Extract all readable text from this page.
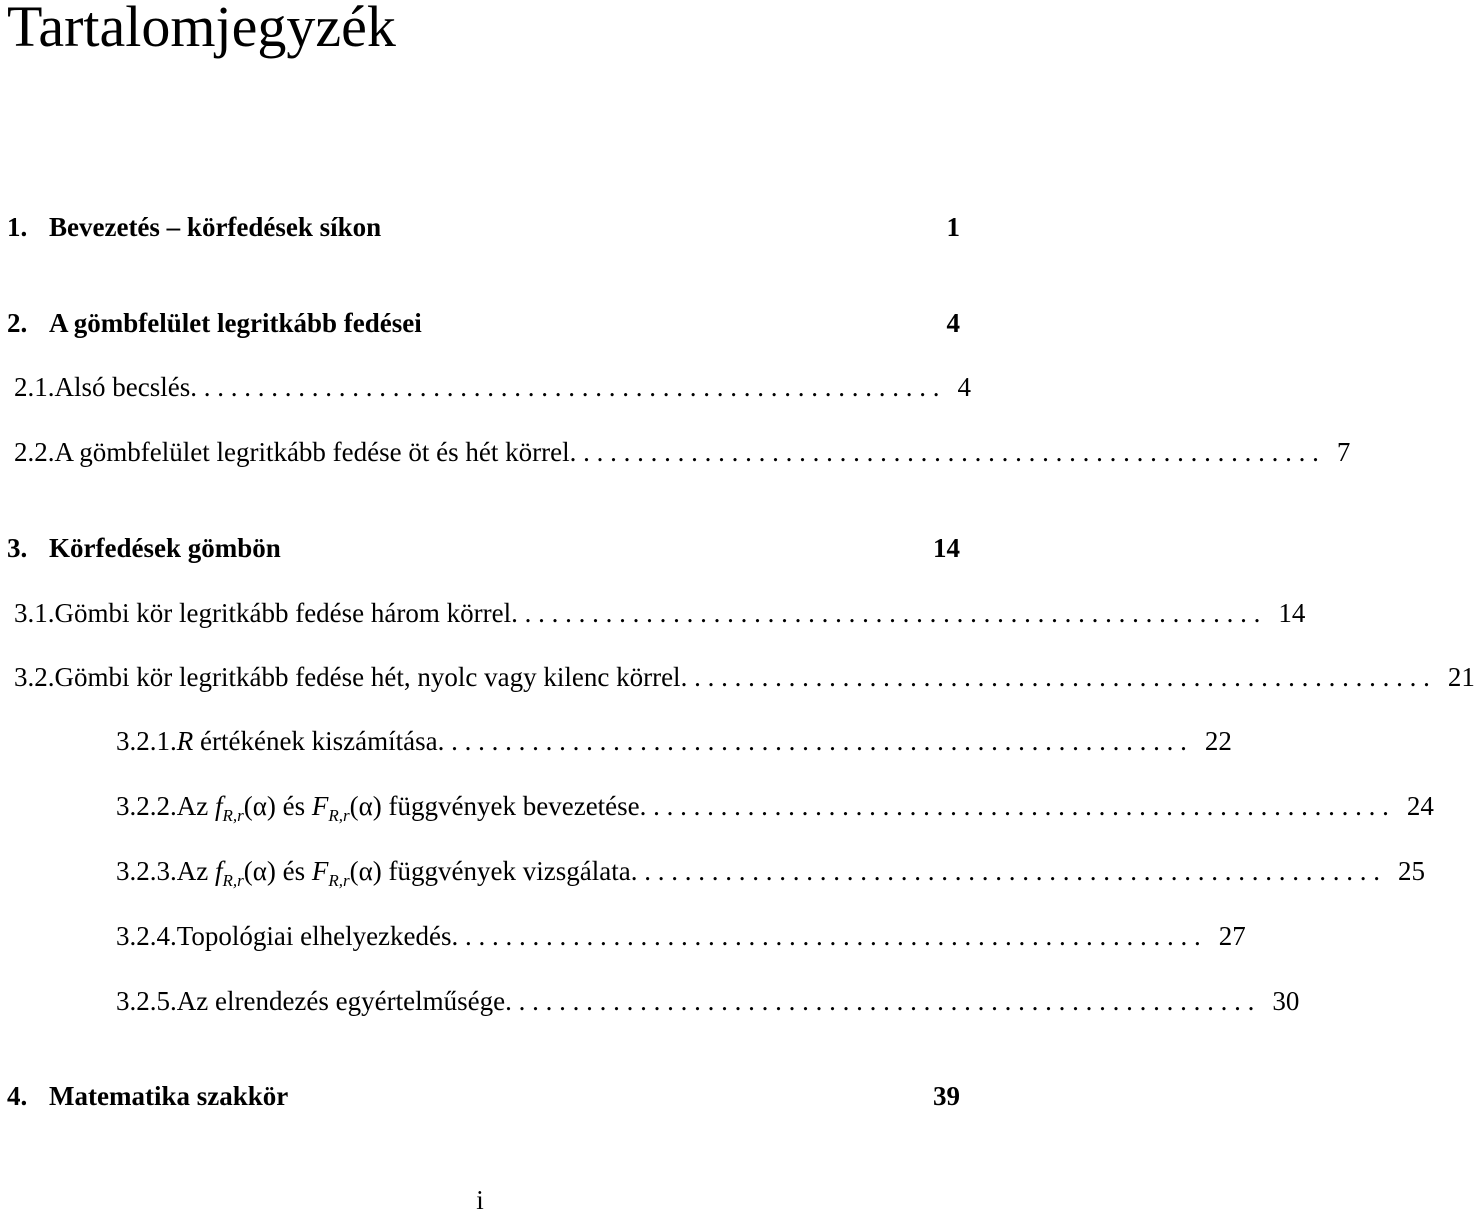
Tartalomjegyzék
1. Bevezetés – körfedések síkon	1
2. A gömbfelület legritkább fedései	4
2.1. Alsó becslés . . . . . . . . . . . . . . . . . . . . . . . . . . . . . . . . . . . . . . . . . . . . . . . . . . . . . . . . 4
2.2. A gömbfelület legritkább fedése öt és hét körrel . . . . . . . . . . . . . . . . . . . . . . . . . . . . . . . . . . . . . . . . . . . . . . . . . . . . . . . . 7
3. Körfedések gömbön	14
3.1. Gömbi kör legritkább fedése három körrel . . . . . . . . . . . . . . . . . . . . . . . . . . . . . . . . . . . . . . . . . . . . . . . . . . . . . . . . 14
3.2. Gömbi kör legritkább fedése hét, nyolc vagy kilenc körrel . . . . . . . . . . . . . . . . . . . . . . . . . . . . . . . . . . . . . . . . . . . . . . . . . . . . . . . . 21
3.2.1. R értékének kiszámítása . . . . . . . . . . . . . . . . . . . . . . . . . . . . . . . . . . . . . . . . . . . . . . . . . . . . . . . . 22
3.2.2. Az $f_{R,r}(\alpha)$ és $F_{R,r}(\alpha)$ függvények bevezetése . . . . . . . . . . . . . . . . . . . . . . . . . . . . . . . . . . . . . . . . . . . . . . . . . . . . . . . . 24
3.2.3. Az $f_{R,r}(\alpha)$ és $F_{R,r}(\alpha)$ függvények vizsgálata . . . . . . . . . . . . . . . . . . . . . . . . . . . . . . . . . . . . . . . . . . . . . . . . . . . . . . . . 25
3.2.4. Topológiai elhelyezkedés . . . . . . . . . . . . . . . . . . . . . . . . . . . . . . . . . . . . . . . . . . . . . . . . . . . . . . . . 27
3.2.5. Az elrendezés egyértelműsége . . . . . . . . . . . . . . . . . . . . . . . . . . . . . . . . . . . . . . . . . . . . . . . . . . . . . . . . 30
4. Matematika szakkör	39
i
